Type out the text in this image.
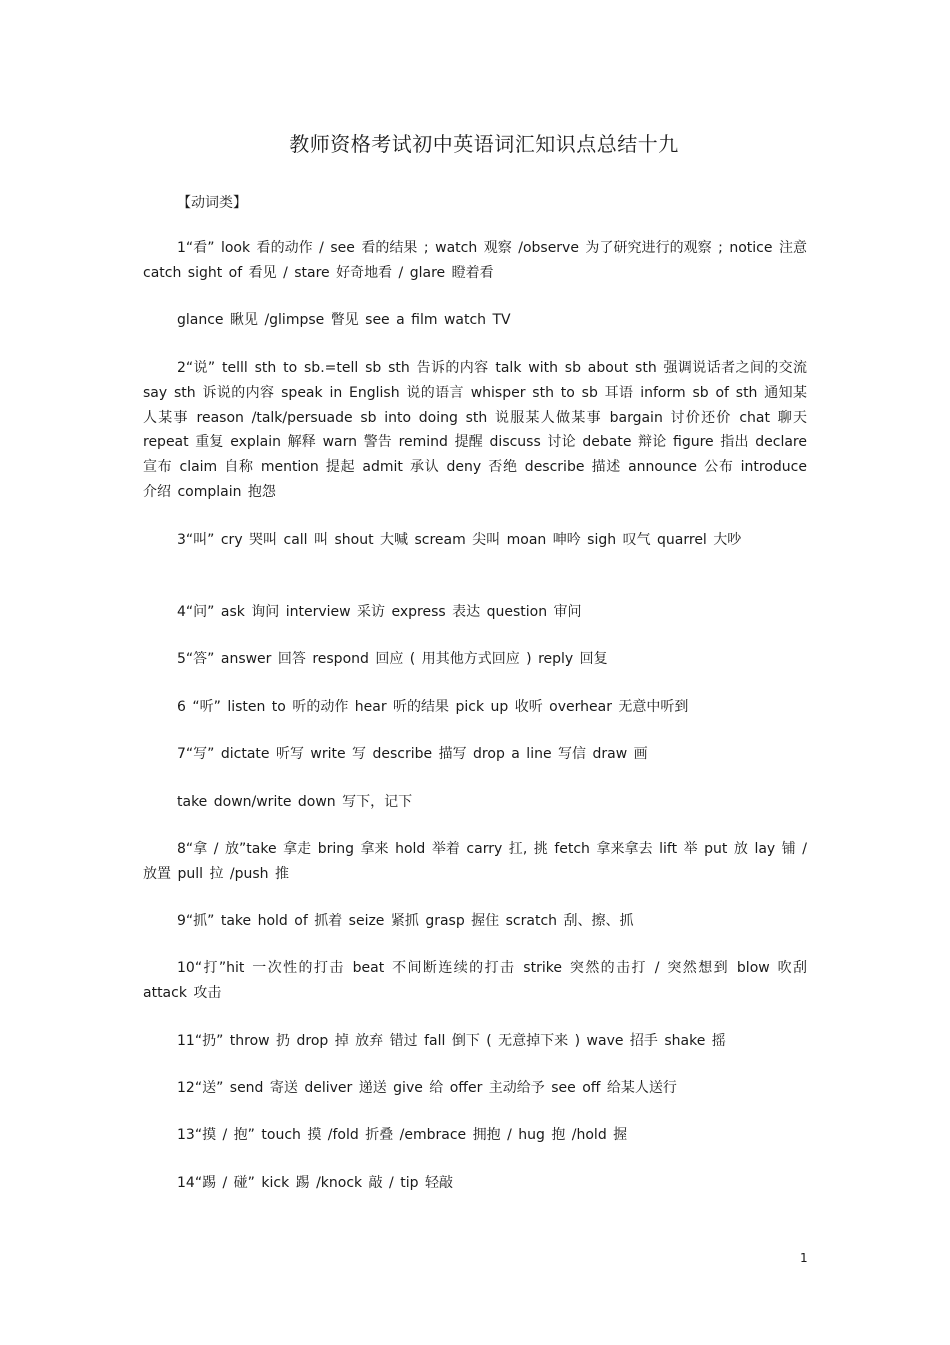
教师资格考试初中英语词汇知识点总结十九
【动词类】
1“看” look 看的动作 / see 看的结果 ; watch 观察 /observe 为了研究进行的观察 ; notice 注意 catch sight of 看见 / stare 好奇地看 / glare 瞪着看
glance 瞅见 /glimpse 瞥见 see a film watch TV
2“说” telll sth to sb.=tell sb sth 告诉的内容 talk with sb about sth 强调说话者之间的交流 say sth 诉说的内容 speak in English 说的语言 whisper sth to sb 耳语 inform sb of sth 通知某人某事 reason /talk/persuade sb into doing sth 说服某人做某事 bargain 讨价还价 chat 聊天 repeat 重复 explain 解释 warn 警告 remind 提醒 discuss 讨论 debate 辩论 figure 指出 declare 宣布 claim 自称 mention 提起 admit 承认 deny 否绝 describe 描述 announce 公布 introduce 介绍 complain 抱怨
3“叫” cry 哭叫 call 叫 shout 大喊 scream 尖叫 moan 呻吟 sigh 叹气 quarrel 大吵
4“问” ask 询问 interview 采访 express 表达 question 审问
5“答” answer 回答 respond 回应 ( 用其他方式回应 ) reply 回复
6 “听” listen to 听的动作 hear 听的结果 pick up 收听 overhear 无意中听到
7“写” dictate 听写 write 写 describe 描写 drop a line 写信 draw 画
take down/write down 写下，记下
8“拿 / 放”take 拿走 bring 拿来 hold 举着 carry 扛, 挑 fetch 拿来拿去 lift 举 put 放 lay 铺 / 放置 pull 拉 /push 推
9“抓” take hold of 抓着 seize 紧抓 grasp 握住 scratch 刮、擦、抓
10“打”hit 一次性的打击 beat 不间断连续的打击 strike 突然的击打 / 突然想到 blow 吹刮 attack 攻击
11“扔” throw 扔 drop 掉 放弃 错过 fall 倒下 ( 无意掉下来 ) wave 招手 shake 摇
12“送” send 寄送 deliver 递送 give 给 offer 主动给予 see off 给某人送行
13“摸 / 抱” touch 摸 /fold 折叠 /embrace 拥抱 / hug 抱 /hold 握
14“踢 / 碰” kick 踢 /knock 敲 / tip 轻敲
1
